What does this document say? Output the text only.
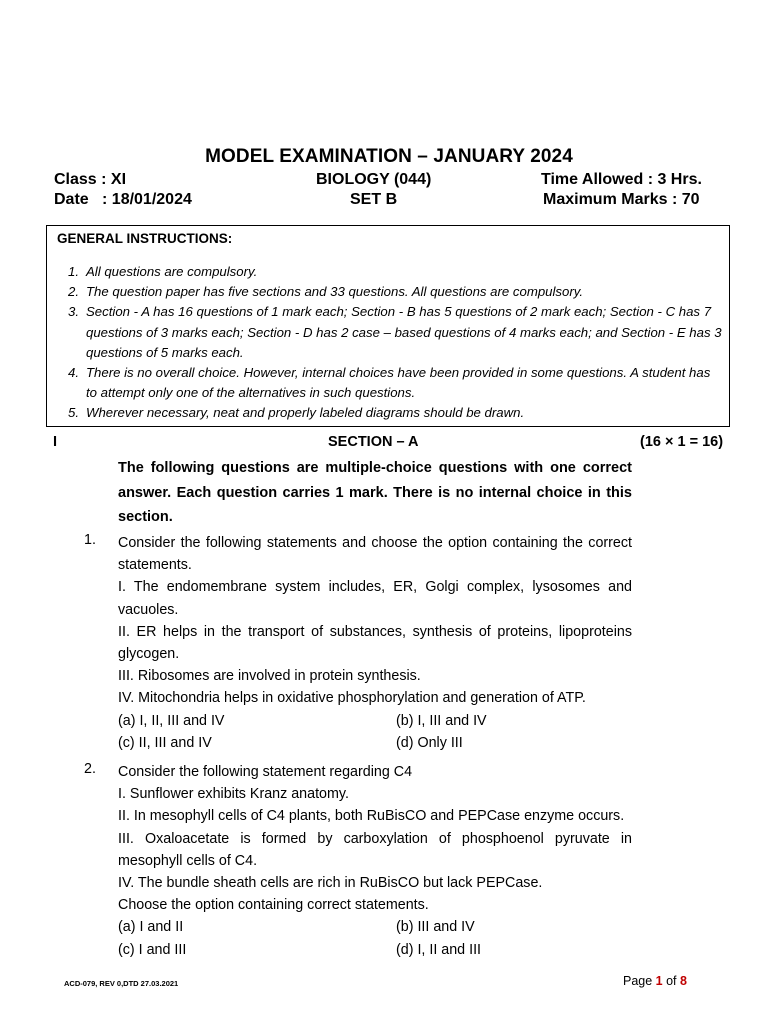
MODEL EXAMINATION – JANUARY 2024
Class : XI	BIOLOGY (044)	Time Allowed : 3 Hrs.
Date   : 18/01/2024	SET B	Maximum Marks : 70
GENERAL INSTRUCTIONS:
1. All questions are compulsory.
2. The question paper has five sections and 33 questions. All questions are compulsory.
3. Section - A has 16 questions of 1 mark each; Section - B has 5 questions of 2 mark each; Section - C has 7 questions of 3 marks each; Section - D has 2 case – based questions of 4 marks each; and Section - E has 3 questions of 5 marks each.
4. There is no overall choice. However, internal choices have been provided in some questions. A student has to attempt only one of the alternatives in such questions.
5. Wherever necessary, neat and properly labeled diagrams should be drawn.
I	SECTION – A	(16 × 1 = 16)
The following questions are multiple-choice questions with one correct answer. Each question carries 1 mark. There is no internal choice in this section.
1. Consider the following statements and choose the option containing the correct statements.
I. The endomembrane system includes, ER, Golgi complex, lysosomes and vacuoles.
II. ER helps in the transport of substances, synthesis of proteins, lipoproteins glycogen.
III. Ribosomes are involved in protein synthesis.
IV. Mitochondria helps in oxidative phosphorylation and generation of ATP.
(a) I, II, III and IV	(b) I, III and IV
(c) II, III and IV	(d) Only III
2. Consider the following statement regarding C4
I. Sunflower exhibits Kranz anatomy.
II. In mesophyll cells of C4 plants, both RuBisCO and PEPCase enzyme occurs.
III. Oxaloacetate is formed by carboxylation of phosphoenol pyruvate in mesophyll cells of C4.
IV. The bundle sheath cells are rich in RuBisCO but lack PEPCase.
Choose the option containing correct statements.
(a) I and II	(b) III and IV
(c) I and III	(d) I, II and III
ACD-079, REV 0,DTD 27.03.2021	Page 1 of 8
